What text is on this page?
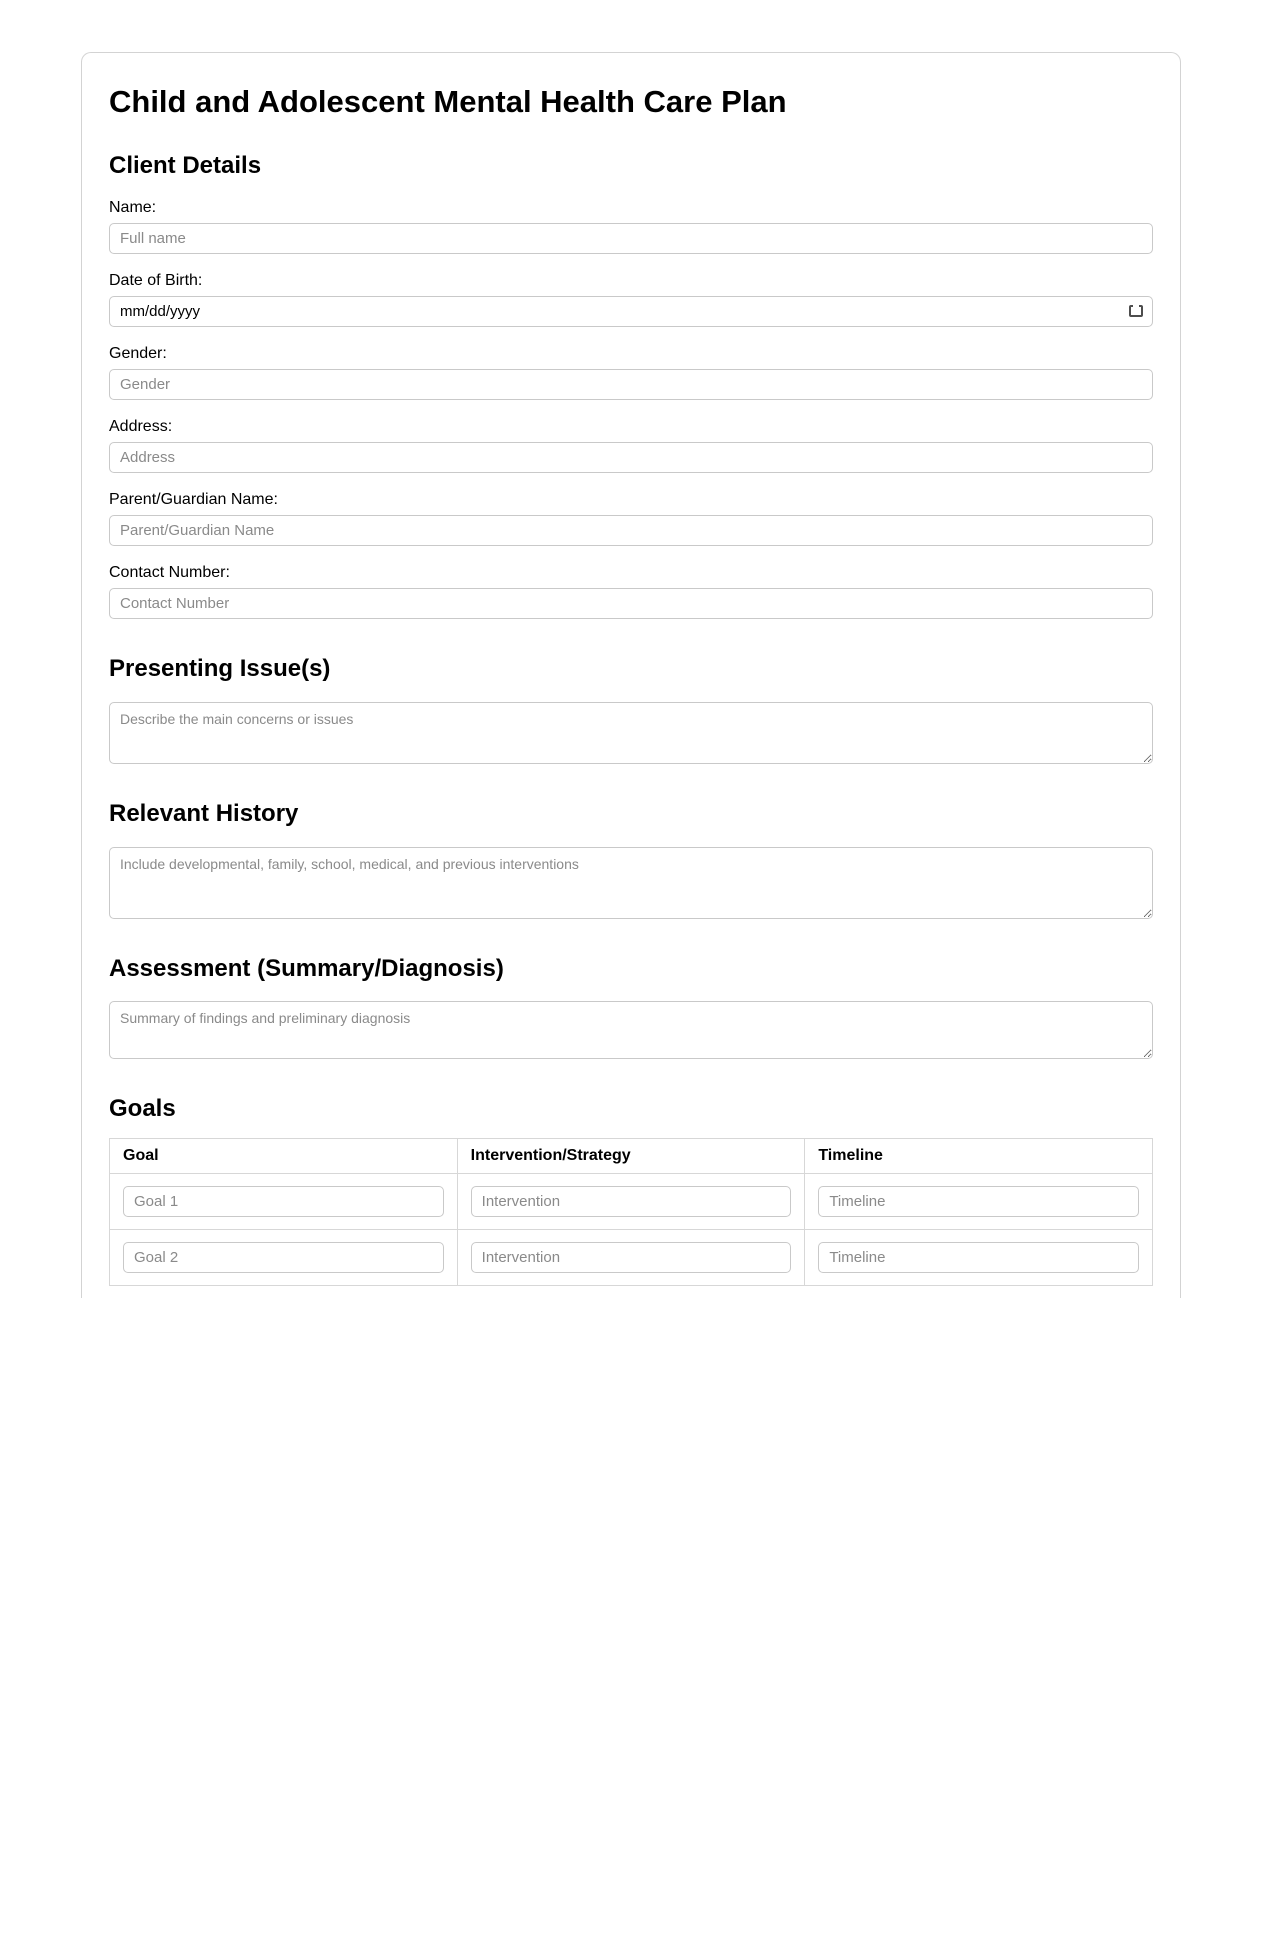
Child and Adolescent Mental Health Care Plan
Client Details
Name:
Full name
Date of Birth:
mm/dd/yyyy
Gender:
Gender
Address:
Address
Parent/Guardian Name:
Parent/Guardian Name
Contact Number:
Contact Number
Presenting Issue(s)
Describe the main concerns or issues
Relevant History
Include developmental, family, school, medical, and previous interventions
Assessment (Summary/Diagnosis)
Summary of findings and preliminary diagnosis
Goals
Goal	Intervention/Strategy	Timeline

Goal 1	
Intervention	
Timeline

Goal 2	
Intervention	
Timeline
